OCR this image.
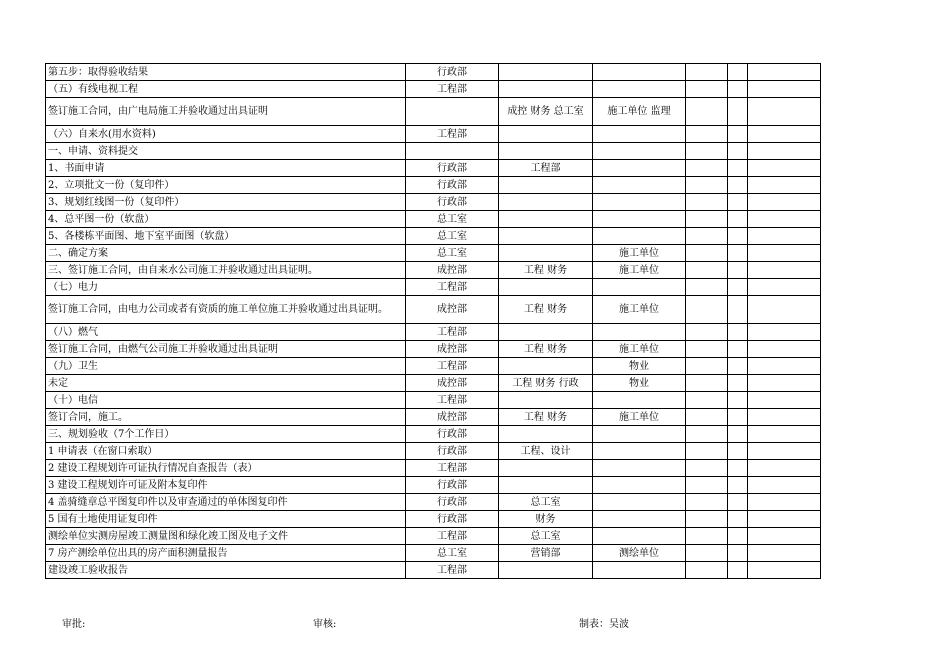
第五步：取得验收结果	行政部					
（五）有线电视工程	工程部					
签订施工合同，由广电局施工并验收通过出具证明		成控 财务 总工室	施工单位 监理			
（六）自来水(用水资料)	工程部					
一、申请、资料提交						
1、书面申请	行政部	工程部				
2、立项批文一份（复印件）	行政部					
3、规划红线图一份（复印件）	行政部					
4、总平图一份（软盘）	总工室					
5、各楼栋平面图、地下室平面图（软盘）	总工室					
二、确定方案	总工室		施工单位			
三、签订施工合同，由自来水公司施工并验收通过出具证明。	成控部	工程 财务	施工单位			
（七）电力	工程部					
签订施工合同，由电力公司或者有资质的施工单位施工并验收通过出具证明。	成控部	工程 财务	施工单位			
（八）燃气	工程部					
签订施工合同，由燃气公司施工并验收通过出具证明	成控部	工程 财务	施工单位			
（九）卫生	工程部		物业			
未定	成控部	工程 财务 行政	物业			
（十）电信	工程部					
签订合同，施工。	成控部	工程 财务	施工单位			
三、规划验收（7个工作日）	行政部					
1 申请表（在窗口索取）	行政部	工程、设计				
2 建设工程规划许可证执行情况自查报告（表）	工程部					
3 建设工程规划许可证及附本复印件	行政部					
4 盖骑缝章总平图复印件以及审查通过的单体图复印件	行政部	总工室				
5 国有土地使用证复印件	行政部	财务				
测绘单位实测房屋竣工测量图和绿化竣工图及电子文件	工程部	总工室				
7 房产测绘单位出具的房产面积测量报告	总工室	营销部	测绘单位			
建设竣工验收报告	工程部					
审批:	审核:	制表：吴波
